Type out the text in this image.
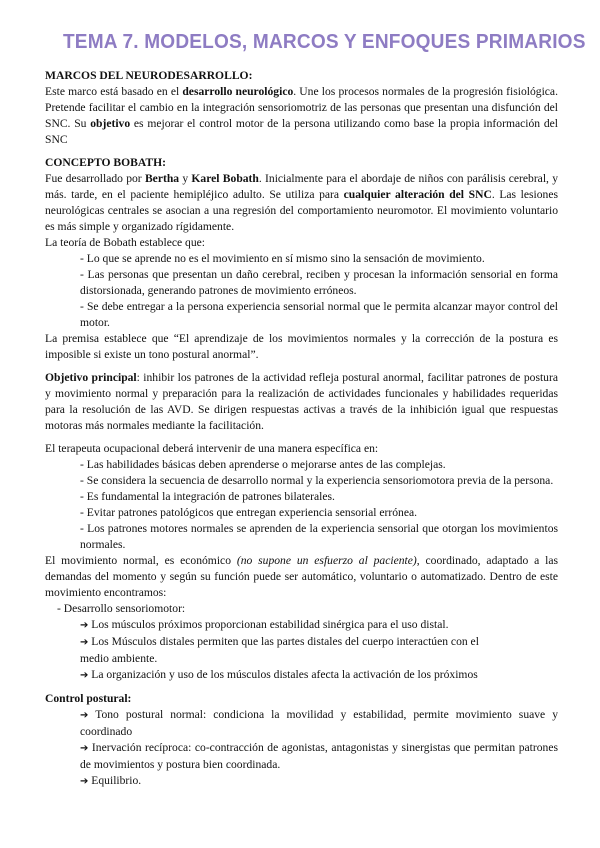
TEMA 7. MODELOS, MARCOS Y ENFOQUES PRIMARIOS
MARCOS DEL NEURODESARROLLO:

Este marco está basado en el desarrollo neurológico. Une los procesos normales de la progresión fisiológica. Pretende facilitar el cambio en la integración sensoriomotriz de las personas que presentan una disfunción del SNC. Su objetivo es mejorar el control motor de la persona utilizando como base la propia información del SNC

CONCEPTO BOBATH:

Fue desarrollado por Bertha y Karel Bobath. Inicialmente para el abordaje de niños con parálisis cerebral, y más. tarde, en el paciente hemipléjico adulto. Se utiliza para cualquier alteración del SNC. Las lesiones neurológicas centrales se asocian a una regresión del comportamiento neuromotor. El movimiento voluntario es más simple y organizado rígidamente.

La teoría de Bobath establece que:

- Lo que se aprende no es el movimiento en sí mismo sino la sensación de movimiento.

- Las personas que presentan un daño cerebral, reciben y procesan la información sensorial en forma distorsionada, generando patrones de movimiento erróneos.

- Se debe entregar a la persona experiencia sensorial normal que le permita alcanzar mayor control del motor.

La premisa establece que “El aprendizaje de los movimientos normales y la corrección de la postura es imposible si existe un tono postural anormal”.

Objetivo principal: inhibir los patrones de la actividad refleja postural anormal, facilitar patrones de postura y movimiento normal y preparación para la realización de actividades funcionales y habilidades requeridas para la resolución de las AVD. Se dirigen respuestas activas a través de la inhibición igual que respuestas motoras más normales mediante la facilitación.

El terapeuta ocupacional deberá intervenir de una manera específica en:

- Las habilidades básicas deben aprenderse o mejorarse antes de las complejas.

- Se considera la secuencia de desarrollo normal y la experiencia sensoriomotora previa de la persona.

- Es fundamental la integración de patrones bilaterales.

- Evitar patrones patológicos que entregan experiencia sensorial errónea.

- Los patrones motores normales se aprenden de la experiencia sensorial que otorgan los movimientos normales.

El movimiento normal, es económico (no supone un esfuerzo al paciente), coordinado, adaptado a las demandas del momento y según su función puede ser automático, voluntario o automatizado. Dentro de este movimiento encontramos:

- Desarrollo sensoriomotor:

➔ Los músculos próximos proporcionan estabilidad sinérgica para el uso distal.

➔ Los Músculos distales permiten que las partes distales del cuerpo interactúen con el

medio ambiente.

➔ La organización y uso de los músculos distales afecta la activación de los próximos

Control postural:

➔ Tono postural normal: condiciona la movilidad y estabilidad, permite movimiento suave y coordinado

➔ Inervación recíproca: co-contracción de agonistas, antagonistas y sinergistas que permitan patrones de movimientos y postura bien coordinada.

➔ Equilibrio.
